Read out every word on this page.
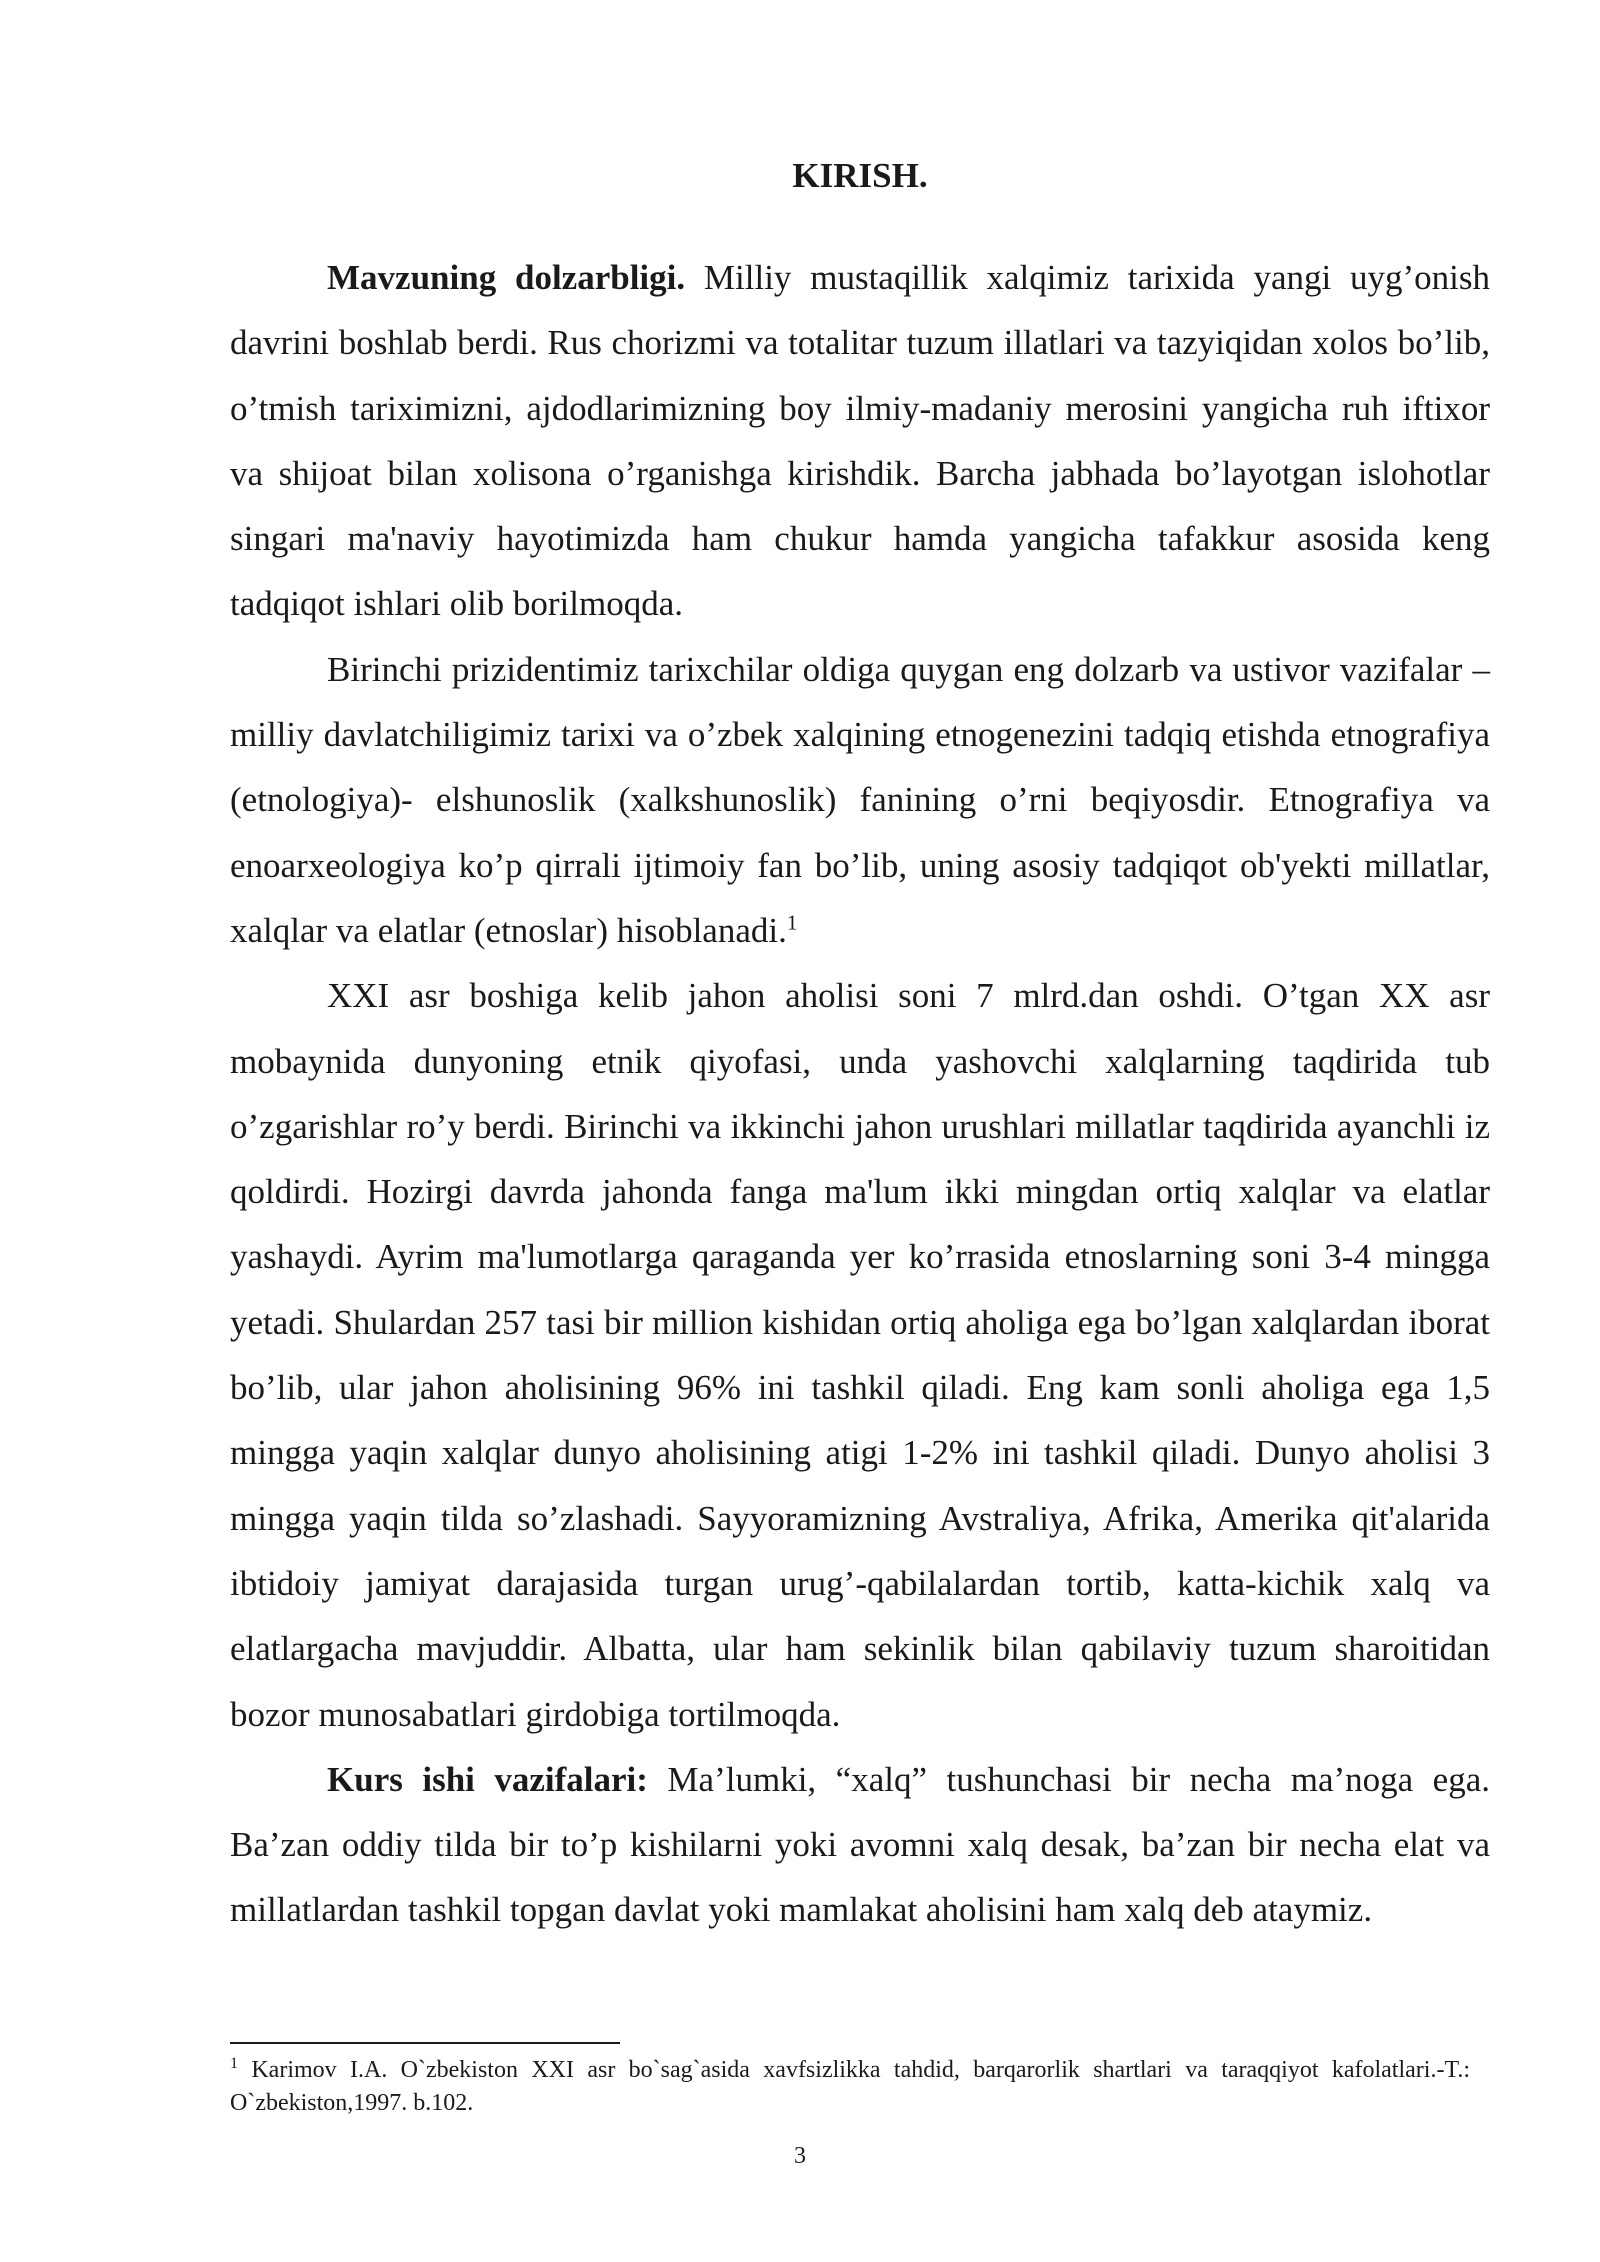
KIRISH.

Mavzuning dolzarbligi. Milliy mustaqillik xalqimiz tarixida yangi uyg’onish davrini boshlab berdi. Rus chorizmi va totalitar tuzum illatlari va tazyiqidan xolos bo’lib, o’tmish tariximizni, ajdodlarimizning boy ilmiy-madaniy merosini yangicha ruh iftixor va shijoat bilan xolisona o’rganishga kirishdik. Barcha jabhada bo’layotgan islohotlar singari ma'naviy hayotimizda ham chukur hamda yangicha tafakkur asosida keng tadqiqot ishlari olib borilmoqda.

Birinchi prizidentimiz tarixchilar oldiga quygan eng dolzarb va ustivor vazifalar – milliy davlatchiligimiz tarixi va o’zbek xalqining etnogenezini tadqiq etishda etnografiya (etnologiya)- elshunoslik (xalkshunoslik) fanining o’rni beqiyosdir. Etnografiya va enoarxeologiya ko’p qirrali ijtimoiy fan bo’lib, uning asosiy tadqiqot ob'yekti millatlar, xalqlar va elatlar (etnoslar) hisoblanadi.$^1$

XXI asr boshiga kelib jahon aholisi soni 7 mlrd.dan oshdi. O’tgan XX asr mobaynida dunyoning etnik qiyofasi, unda yashovchi xalqlarning taqdirida tub o’zgarishlar ro’y berdi. Birinchi va ikkinchi jahon urushlari millatlar taqdirida ayanchli iz qoldirdi. Hozirgi davrda jahonda fanga ma'lum ikki mingdan ortiq xalqlar va elatlar yashaydi. Ayrim ma'lumotlarga qaraganda yer ko’rrasida etnoslarning soni 3-4 mingga yetadi. Shulardan 257 tasi bir million kishidan ortiq aholiga ega bo’lgan xalqlardan iborat bo’lib, ular jahon aholisining 96% ini tashkil qiladi. Eng kam sonli aholiga ega 1,5 mingga yaqin xalqlar dunyo aholisining atigi 1-2% ini tashkil qiladi. Dunyo aholisi 3 mingga yaqin tilda so’zlashadi. Sayyoramizning Avstraliya, Afrika, Amerika qit'alarida ibtidoiy jamiyat darajasida turgan urug’-qabilalardan tortib, katta-kichik xalq va elatlargacha mavjuddir. Albatta, ular ham sekinlik bilan qabilaviy tuzum sharoitidan bozor munosabatlari girdobiga tortilmoqda.

Kurs ishi vazifalari: Ma’lumki, “xalq” tushunchasi bir necha ma’noga ega. Ba’zan oddiy tilda bir to’p kishilarni yoki avomni xalq desak, ba’zan bir necha elat va millatlardan tashkil topgan davlat yoki mamlakat aholisini ham xalq deb ataymiz.

$^1$ Karimov I.A. O`zbekiston XXI asr bo`sag`asida xavfsizlikka tahdid, barqarorlik shartlari va taraqqiyot kafolatlari.-T.: O`zbekiston,1997. b.102.

3
